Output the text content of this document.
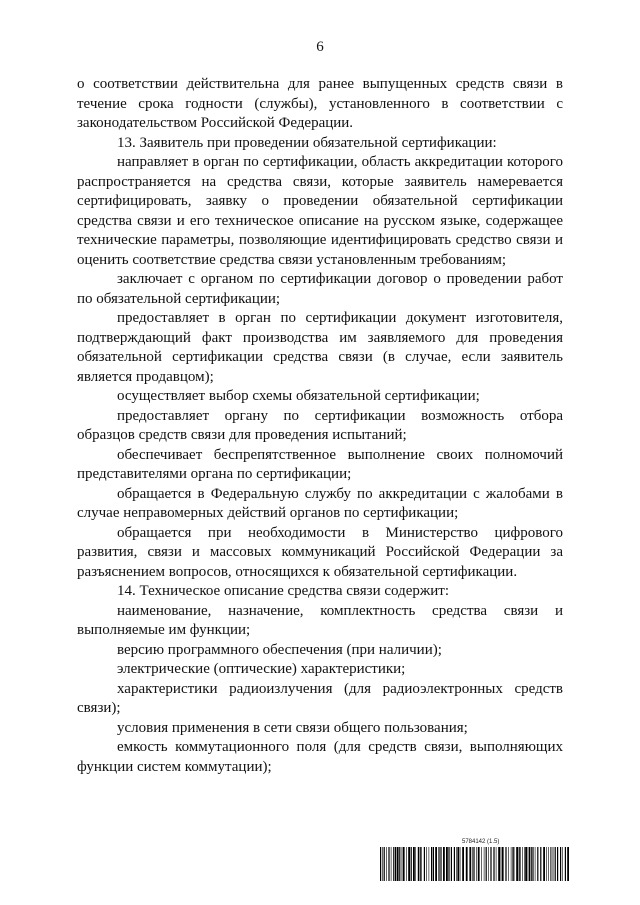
6

о соответствии действительна для ранее выпущенных средств связи в течение срока годности (службы), установленного в соответствии с законодательством Российской Федерации.

13. Заявитель при проведении обязательной сертификации:

направляет в орган по сертификации, область аккредитации которого распространяется на средства связи, которые заявитель намеревается сертифицировать, заявку о проведении обязательной сертификации средства связи и его техническое описание на русском языке, содержащее технические параметры, позволяющие идентифицировать средство связи и оценить соответствие средства связи установленным требованиям;

заключает с органом по сертификации договор о проведении работ по обязательной сертификации;

предоставляет в орган по сертификации документ изготовителя, подтверждающий факт производства им заявляемого для проведения обязательной сертификации средства связи (в случае, если заявитель является продавцом);

осуществляет выбор схемы обязательной сертификации;

предоставляет органу по сертификации возможность отбора образцов средств связи для проведения испытаний;

обеспечивает беспрепятственное выполнение своих полномочий представителями органа по сертификации;

обращается в Федеральную службу по аккредитации с жалобами в случае неправомерных действий органов по сертификации;

обращается при необходимости в Министерство цифрового развития, связи и массовых коммуникаций Российской Федерации за разъяснением вопросов, относящихся к обязательной сертификации.

14. Техническое описание средства связи содержит:

наименование, назначение, комплектность средства связи и выполняемые им функции;

версию программного обеспечения (при наличии);

электрические (оптические) характеристики;

характеристики радиоизлучения (для радиоэлектронных средств связи);

условия применения в сети связи общего пользования;

емкость коммутационного поля (для средств связи, выполняющих функции систем коммутации);

5784142 (1.5)
